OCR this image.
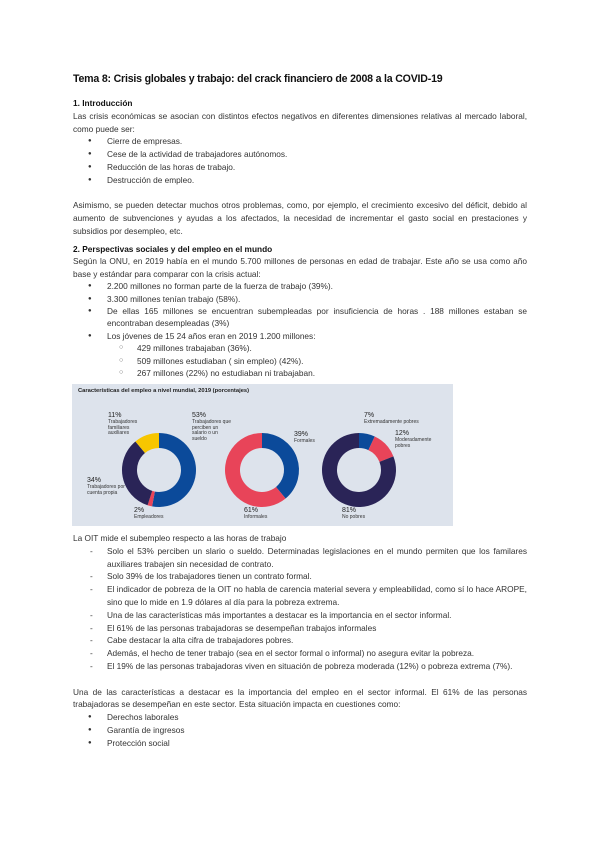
Tema 8: Crisis globales y trabajo: del crack financiero de 2008 a la COVID-19
1. Introducción

Las crisis económicas se asocian con distintos efectos negativos en diferentes dimensiones relativas al mercado laboral, como puede ser:

● Cierre de empresas.
● Cese de la actividad de trabajadores autónomos.
● Reducción de las horas de trabajo.
● Destrucción de empleo.

Asimismo, se pueden detectar muchos otros problemas, como, por ejemplo, el crecimiento excesivo del déficit, debido al aumento de subvenciones y ayudas a los afectados, la necesidad de incrementar el gasto social en prestaciones y subsidios por desempleo, etc.

2. Perspectivas sociales y del empleo en el mundo

Según la ONU, en 2019 había en el mundo 5.700 millones de personas en edad de trabajar. Este año se usa como año base y estándar para comparar con la crisis actual:

● 2.200 millones no forman parte de la fuerza de trabajo (39%).
● 3.300 millones tenían trabajo (58%).
● De ellas 165 millones se encuentran subempleadas por insuficiencia de horas . 188 millones estaban se encontraban desempleadas (3%)
● Los jóvenes de 15 24 años eran en 2019 1.200 millones:
○ 429 millones trabajaban (36%).
○ 509 millones estudiaban ( sin empleo) (42%).
○ 267 millones (22%) no estudiaban ni trabajaban.
Características del empleo a nivel mundial, 2019 (porcentajes)
11%
Trabajadores familiares auxiliares
53%
Trabajadores que perciben un salario o un sueldo
34%
Trabajadores por cuenta propia
2%
Empleadores
39%
Formales
61%
Informales
7%
Extremadamente pobres
12%
Moderadamente pobres
81%
No pobres

La OIT mide el subempleo respecto a las horas de trabajo

- Solo el 53% perciben un slario o sueldo. Determinadas legislaciones en el mundo permiten que los familares auxiliares trabajen sin necesidad de contrato.
- Solo 39% de los trabajadores tienen un contrato formal.
- El indicador de pobreza de la OIT no habla de carencia material severa y empleabilidad, como sí lo hace AROPE, sino que lo mide en 1.9 dólares al día para la pobreza extrema.
- Una de las características más importantes a destacar es la importancia en el sector informal.
- El 61% de las personas trabajadoras se desempeñan trabajos informales
- Cabe destacar la alta cifra de trabajadores pobres.
- Además, el hecho de tener trabajo (sea en el sector formal o informal) no asegura evitar la pobreza.
- El 19% de las personas trabajadoras viven en situación de pobreza moderada (12%) o pobreza extrema (7%).

Una de las características a destacar es la importancia del empleo en el sector informal. El 61% de las personas trabajadoras se desempeñan en este sector. Esta situación impacta en cuestiones como:

● Derechos laborales
● Garantía de ingresos
● Protección social
